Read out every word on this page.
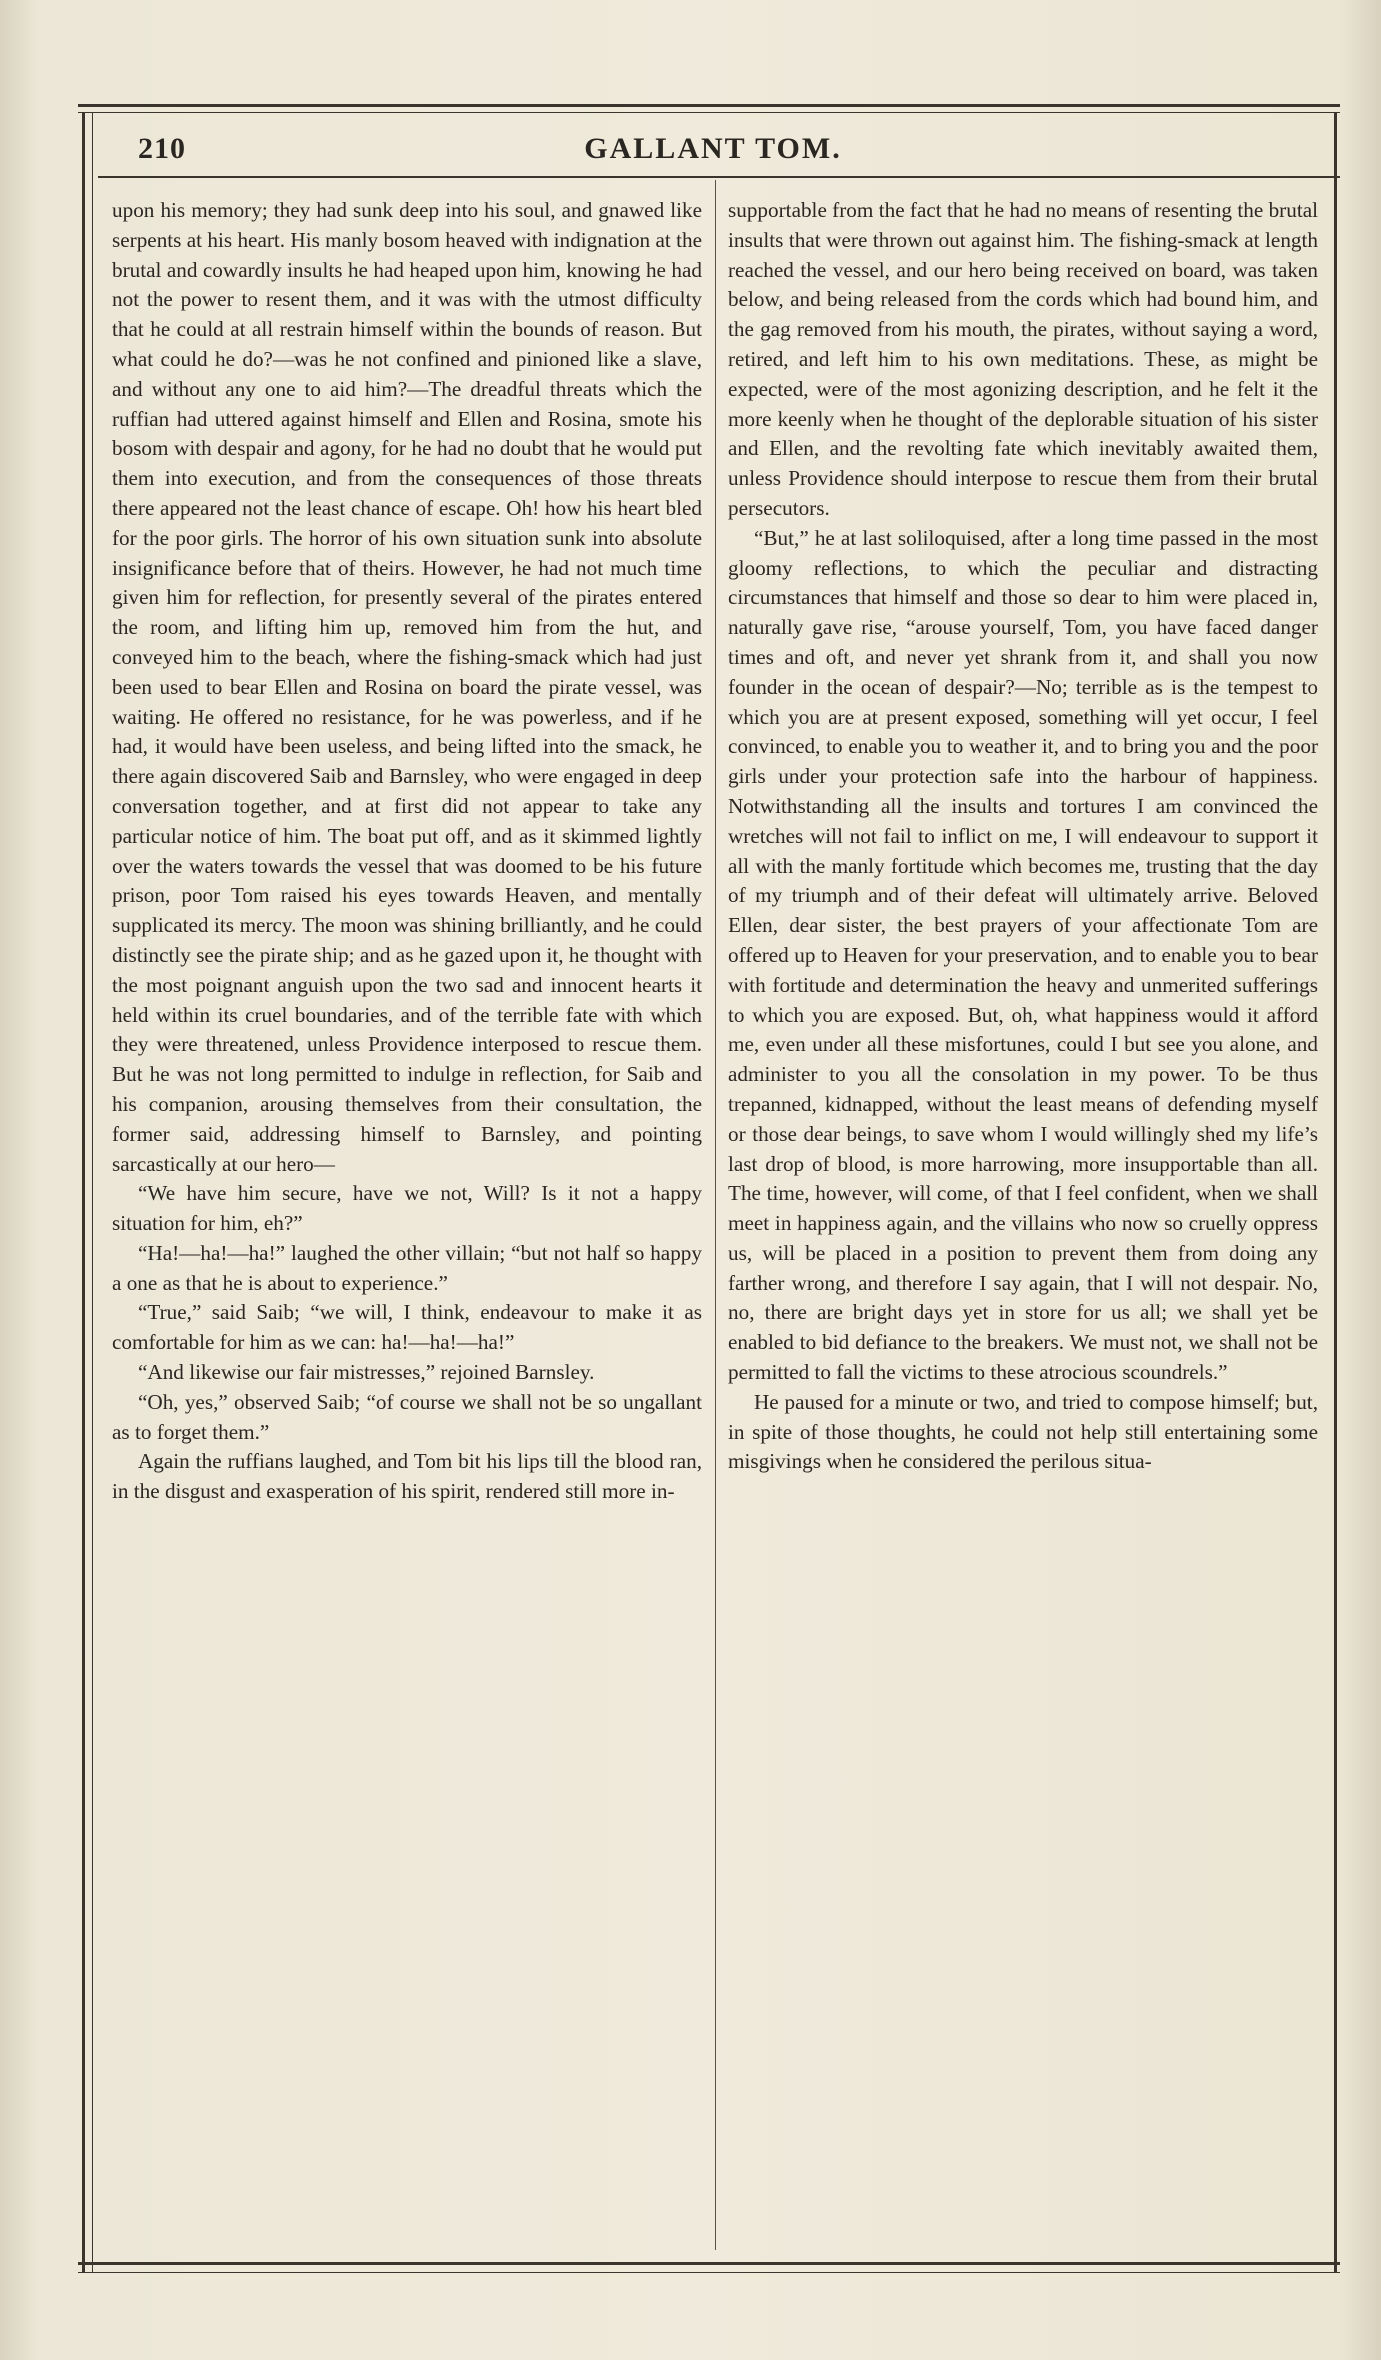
210	GALLANT TOM.

upon his memory; they had sunk deep into his soul, and gnawed like serpents at his heart. His manly bosom heaved with indignation at the brutal and cowardly insults he had heaped upon him, knowing he had not the power to resent them, and it was with the utmost difficulty that he could at all restrain himself within the bounds of reason. But what could he do?—was he not confined and pinioned like a slave, and without any one to aid him?—The dreadful threats which the ruffian had uttered against himself and Ellen and Rosina, smote his bosom with despair and agony, for he had no doubt that he would put them into execution, and from the consequences of those threats there appeared not the least chance of escape. Oh! how his heart bled for the poor girls. The horror of his own situation sunk into absolute insignificance before that of theirs. However, he had not much time given him for reflection, for presently several of the pirates entered the room, and lifting him up, removed him from the hut, and conveyed him to the beach, where the fishing-smack which had just been used to bear Ellen and Rosina on board the pirate vessel, was waiting. He offered no resistance, for he was powerless, and if he had, it would have been useless, and being lifted into the smack, he there again discovered Saib and Barnsley, who were engaged in deep conversation together, and at first did not appear to take any particular notice of him. The boat put off, and as it skimmed lightly over the waters towards the vessel that was doomed to be his future prison, poor Tom raised his eyes towards Heaven, and mentally supplicated its mercy. The moon was shining brilliantly, and he could distinctly see the pirate ship; and as he gazed upon it, he thought with the most poignant anguish upon the two sad and innocent hearts it held within its cruel boundaries, and of the terrible fate with which they were threatened, unless Providence interposed to rescue them. But he was not long permitted to indulge in reflection, for Saib and his companion, arousing themselves from their consultation, the former said, addressing himself to Barnsley, and pointing sarcastically at our hero—

“We have him secure, have we not, Will? Is it not a happy situation for him, eh?”

“Ha!—ha!—ha!” laughed the other villain; “but not half so happy a one as that he is about to experience.”

“True,” said Saib; “we will, I think, endeavour to make it as comfortable for him as we can: ha!—ha!—ha!”

“And likewise our fair mistresses,” rejoined Barnsley.

“Oh, yes,” observed Saib; “of course we shall not be so ungallant as to forget them.”

Again the ruffians laughed, and Tom bit his lips till the blood ran, in the disgust and exasperation of his spirit, rendered still more in-

supportable from the fact that he had no means of resenting the brutal insults that were thrown out against him. The fishing-smack at length reached the vessel, and our hero being received on board, was taken below, and being released from the cords which had bound him, and the gag removed from his mouth, the pirates, without saying a word, retired, and left him to his own meditations. These, as might be expected, were of the most agonizing description, and he felt it the more keenly when he thought of the deplorable situation of his sister and Ellen, and the revolting fate which inevitably awaited them, unless Providence should interpose to rescue them from their brutal persecutors.

“But,” he at last soliloquised, after a long time passed in the most gloomy reflections, to which the peculiar and distracting circumstances that himself and those so dear to him were placed in, naturally gave rise, “arouse yourself, Tom, you have faced danger times and oft, and never yet shrank from it, and shall you now founder in the ocean of despair?—No; terrible as is the tempest to which you are at present exposed, something will yet occur, I feel convinced, to enable you to weather it, and to bring you and the poor girls under your protection safe into the harbour of happiness. Notwithstanding all the insults and tortures I am convinced the wretches will not fail to inflict on me, I will endeavour to support it all with the manly fortitude which becomes me, trusting that the day of my triumph and of their defeat will ultimately arrive. Beloved Ellen, dear sister, the best prayers of your affectionate Tom are offered up to Heaven for your preservation, and to enable you to bear with fortitude and determination the heavy and unmerited sufferings to which you are exposed. But, oh, what happiness would it afford me, even under all these misfortunes, could I but see you alone, and administer to you all the consolation in my power. To be thus trepanned, kidnapped, without the least means of defending myself or those dear beings, to save whom I would willingly shed my life’s last drop of blood, is more harrowing, more insupportable than all. The time, however, will come, of that I feel confident, when we shall meet in happiness again, and the villains who now so cruelly oppress us, will be placed in a position to prevent them from doing any farther wrong, and therefore I say again, that I will not despair. No, no, there are bright days yet in store for us all; we shall yet be enabled to bid defiance to the breakers. We must not, we shall not be permitted to fall the victims to these atrocious scoundrels.”

He paused for a minute or two, and tried to compose himself; but, in spite of those thoughts, he could not help still entertaining some misgivings when he considered the perilous situa-
